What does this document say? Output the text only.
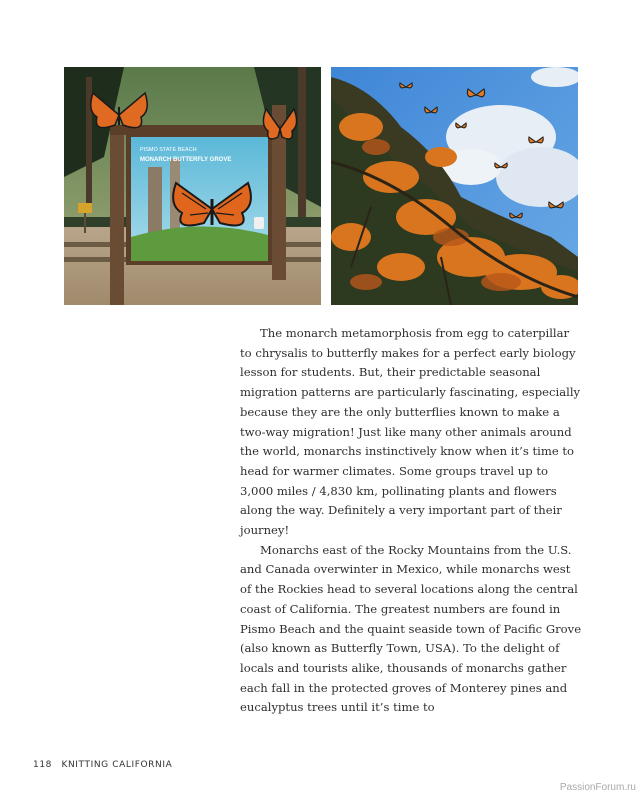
PISMO STATE BEACH
MONARCH BUTTERFLY GROVE

The monarch metamorphosis from egg to caterpillar to chrysalis to butterfly makes for a perfect early biology lesson for students. But, their predictable seasonal migration patterns are particularly fascinating, especially because they are the only butterflies known to make a two-way migration! Just like many other animals around the world, monarchs instinctively know when it’s time to head for warmer climates. Some groups travel up to 3,000 miles / 4,830 km, pollinating plants and flowers along the way. Definitely a very important part of their journey!

Monarchs east of the Rocky Mountains from the U.S. and Canada overwinter in Mexico, while monarchs west of the Rockies head to several locations along the central coast of California. The greatest numbers are found in Pismo Beach and the quaint seaside town of Pacific Grove (also known as Butterfly Town, USA). To the delight of locals and tourists alike, thousands of monarchs gather each fall in the protected groves of Monterey pines and eucalyptus trees until it’s time to

118 KNITTING CALIFORNIA
PassionForum.ru
